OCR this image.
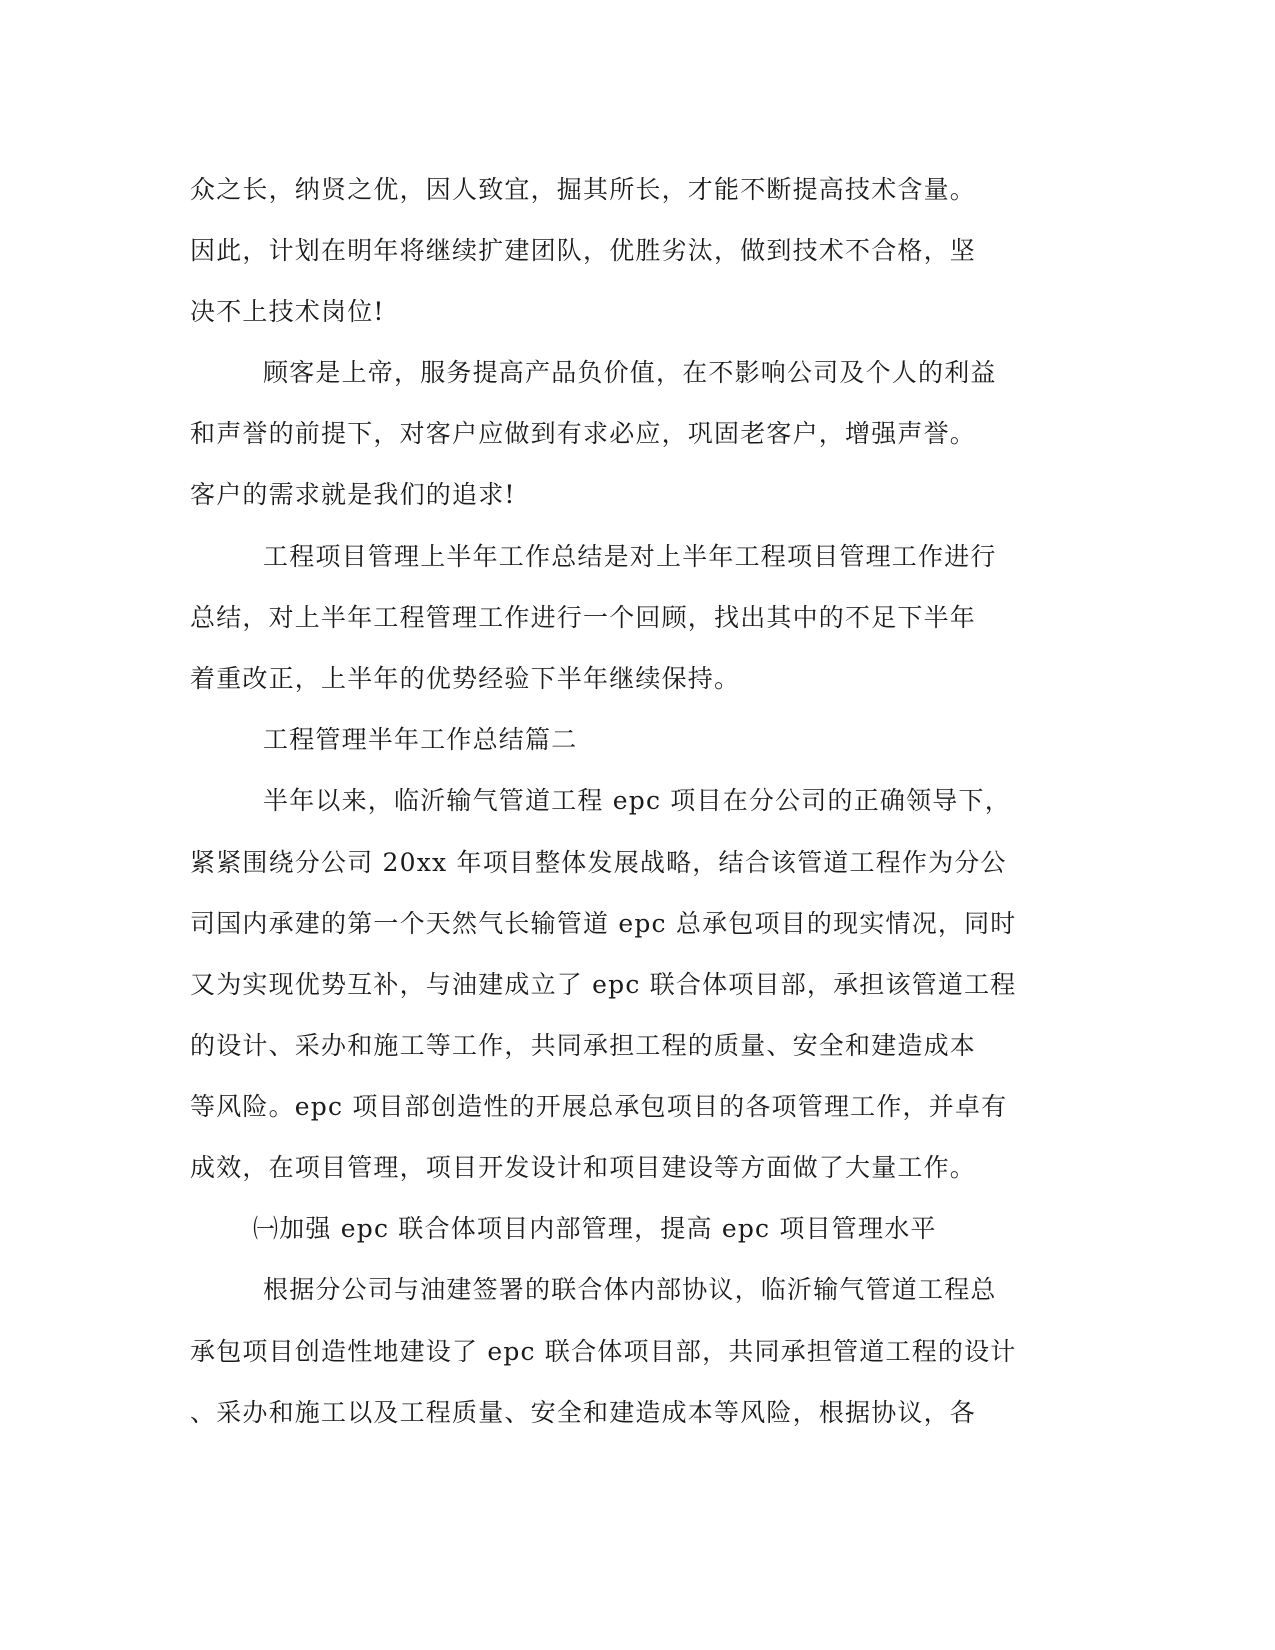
众之长，纳贤之优，因人致宜，掘其所长，才能不断提高技术含量。
因此，计划在明年将继续扩建团队，优胜劣汰，做到技术不合格，坚
决不上技术岗位!
顾客是上帝，服务提高产品负价值，在不影响公司及个人的利益
和声誉的前提下，对客户应做到有求必应，巩固老客户，增强声誉。
客户的需求就是我们的追求!
工程项目管理上半年工作总结是对上半年工程项目管理工作进行
总结，对上半年工程管理工作进行一个回顾，找出其中的不足下半年
着重改正，上半年的优势经验下半年继续保持。
工程管理半年工作总结篇二
半年以来，临沂输气管道工程 epc 项目在分公司的正确领导下，
紧紧围绕分公司 20xx 年项目整体发展战略，结合该管道工程作为分公
司国内承建的第一个天然气长输管道 epc 总承包项目的现实情况，同时
又为实现优势互补，与油建成立了 epc 联合体项目部，承担该管道工程
的设计、采办和施工等工作，共同承担工程的质量、安全和建造成本
等风险。epc 项目部创造性的开展总承包项目的各项管理工作，并卓有
成效，在项目管理，项目开发设计和项目建设等方面做了大量工作。
㈠加强 epc 联合体项目内部管理，提高 epc 项目管理水平
根据分公司与油建签署的联合体内部协议，临沂输气管道工程总
承包项目创造性地建设了 epc 联合体项目部，共同承担管道工程的设计
、采办和施工以及工程质量、安全和建造成本等风险，根据协议，各
